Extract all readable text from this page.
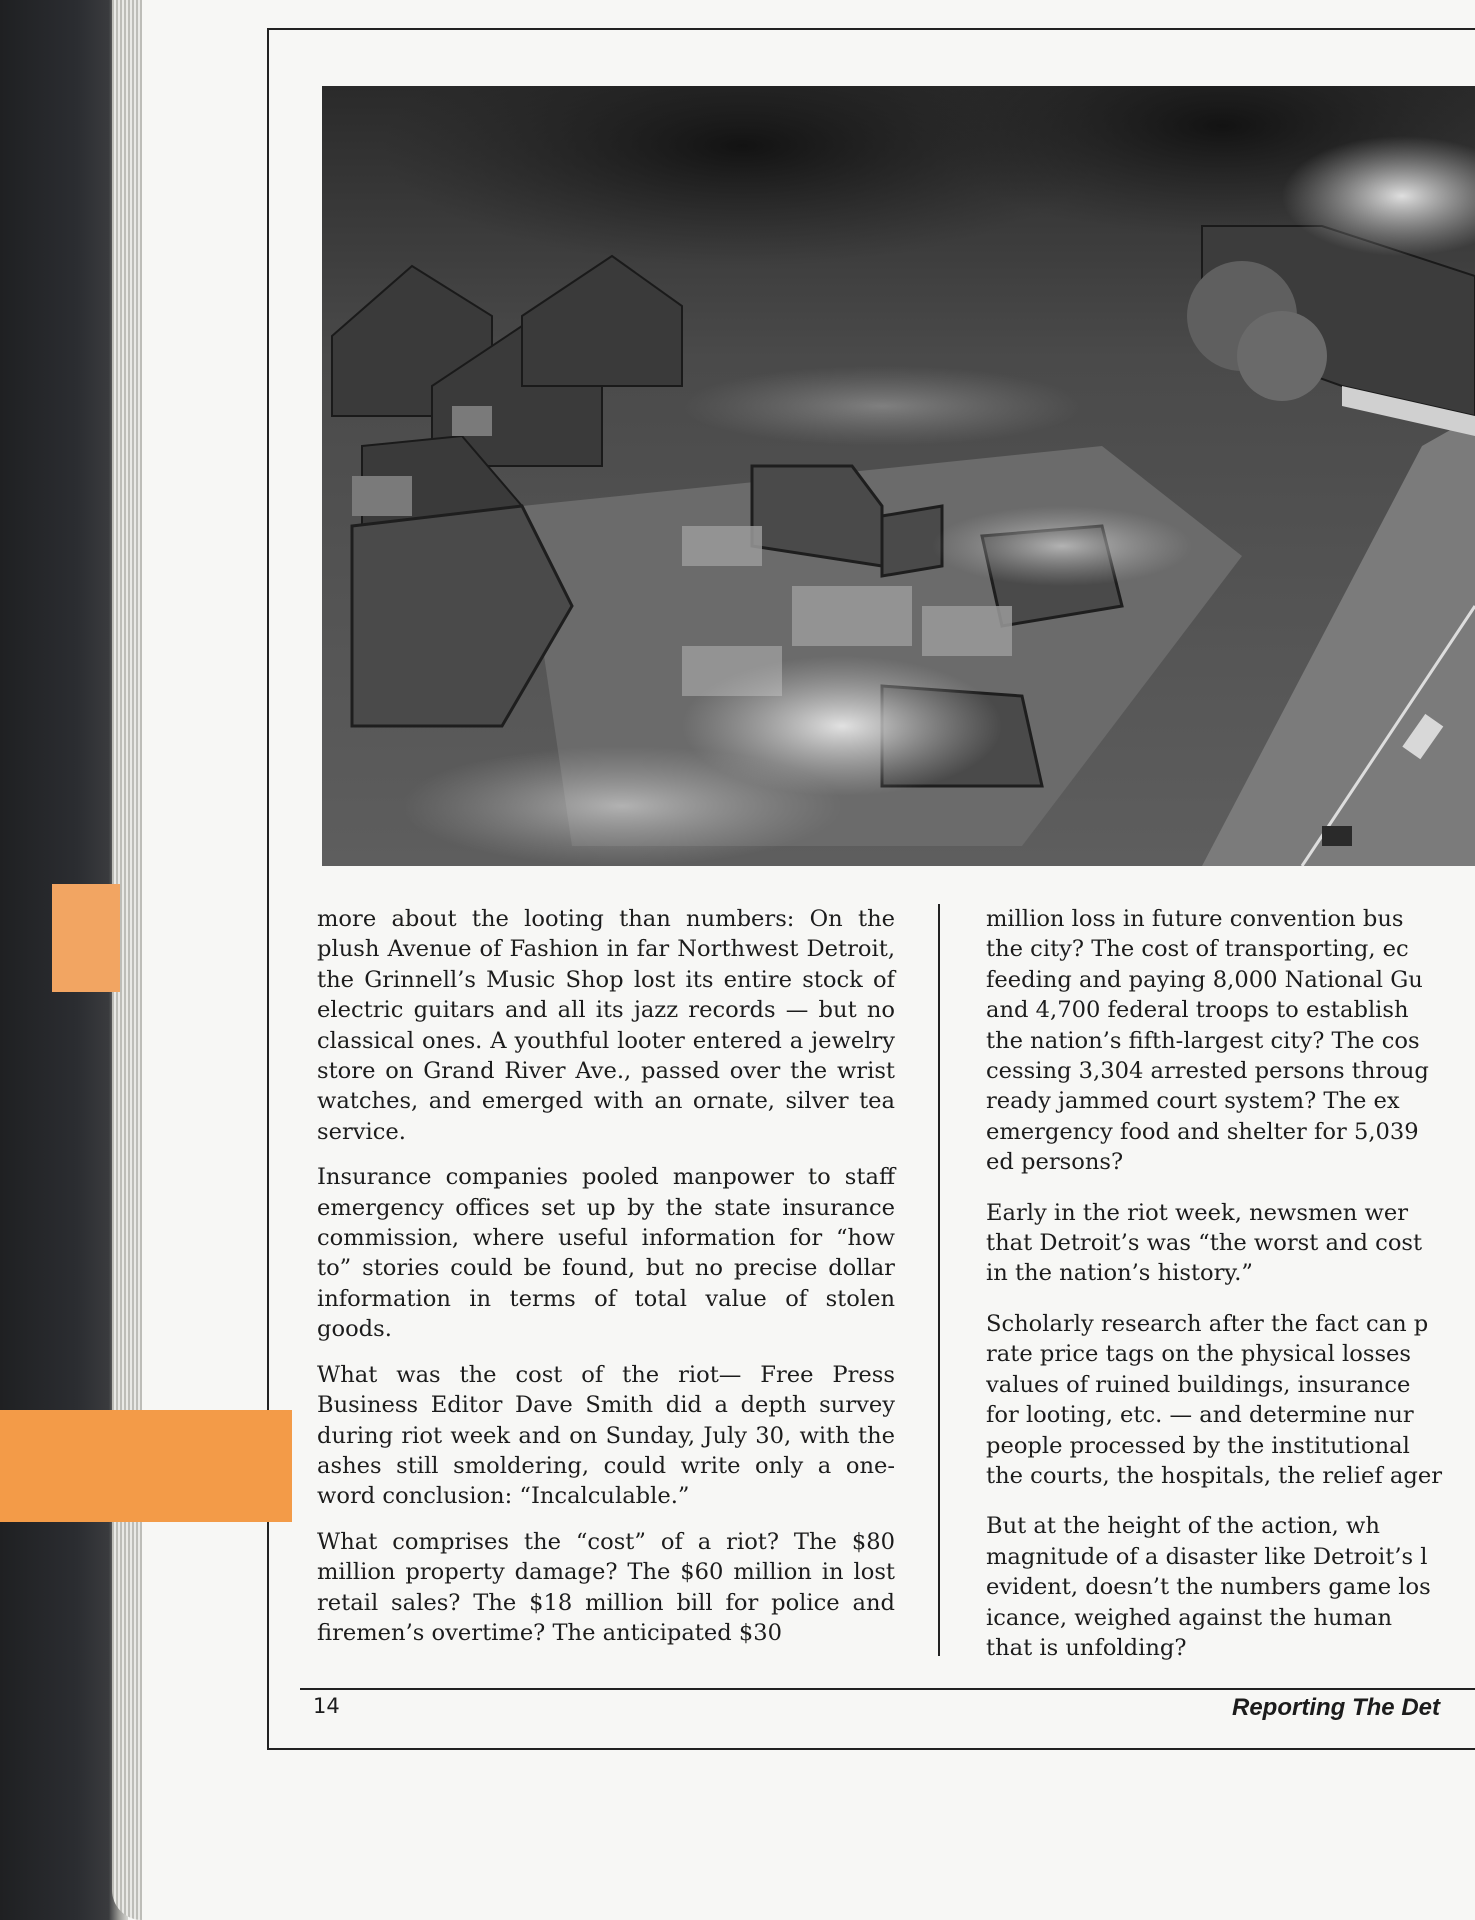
more about the looting than numbers: On the plush Avenue of Fashion in far Northwest Detroit, the Grinnell’s Music Shop lost its entire stock of electric guitars and all its jazz records — but no classical ones. A youthful looter entered a jewelry store on Grand River Ave., passed over the wrist watches, and emerged with an ornate, silver tea service.

Insurance companies pooled manpower to staff emergency offices set up by the state insurance commission, where useful information for “how to” stories could be found, but no precise dollar information in terms of total value of stolen goods.

What was the cost of the riot— Free Press Business Editor Dave Smith did a depth survey during riot week and on Sunday, July 30, with the ashes still smoldering, could write only a one-word conclusion: “Incalculable.”

What comprises the “cost” of a riot? The $80 million property damage? The $60 million in lost retail sales? The $18 million bill for police and firemen’s overtime? The anticipated $30

million loss in future convention bus
the city? The cost of transporting, ec
feeding and paying 8,000 National Gu
and 4,700 federal troops to establish
the nation’s fifth-largest city? The cos
cessing 3,304 arrested persons throug
ready jammed court system? The ex
emergency food and shelter for 5,039
ed persons?

Early in the riot week, newsmen wer
that Detroit’s was “the worst and cost
in the nation’s history.”

Scholarly research after the fact can p
rate price tags on the physical losses
values of ruined buildings, insurance
for looting, etc. — and determine nur
people processed by the institutional
the courts, the hospitals, the relief ager

But at the height of the action, wh
magnitude of a disaster like Detroit’s l
evident, doesn’t the numbers game los
icance, weighed against the human
that is unfolding?

14	Reporting The Det
